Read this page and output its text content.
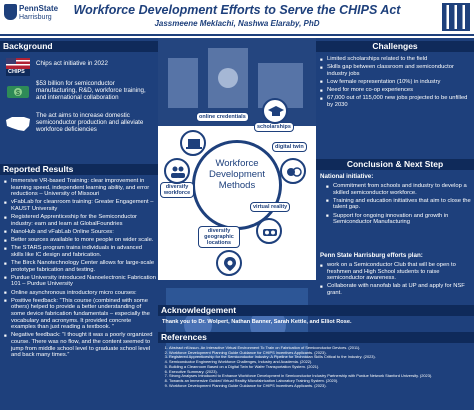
PennState
Harrisburg
Workforce Development Efforts to Serve the CHIPS Act
Jassmeene Meklachi, Nashwa Elaraby, PhD
Background
CHIPS
Chips act initiative in 2022
$
$53 billion for semiconductor manufacturing, R&D, workforce training, and international collaboration
The act aims to increase domestic semiconductor production and alleviate workforce deficiencies
Reported Results
■ Immersive VR-based Training: clear improvement in learning speed, independent learning ability, and error reductions – University of Missouri
■ vFabLab for cleanroom training: Greater Engagement – KAUST University
■ Registered Apprenticeship for the Semiconductor industry: earn and learn at GlobalFoundries
■ NanoHub and vFabLab Online Sources:
■ Better sources available to more people on wider scale.
■ The STARS program trains individuals in advanced skills like IC design and fabrication.
■ The Birck Nanotechnology Center allows for large-scale prototype fabrication and testing.
■ Purdue University introduced Nanoelectronic Fabrication 101 – Purdue University
■ Online asynchronous introductory micro courses:
■ Positive feedback: “This course (combined with some others) helped to provide a better understanding of some device fabrication fundamentals – especially the vocabulary and acronyms. It provided concrete examples than just reading a textbook. ”
■ Negative feedback: “I thought it was a poorly organized course. There was no flow, and the content seemed to jump from middle school level to graduate school level and back many times.”
Workforce Development Methods
online credentials
scholarships
digital twin
virtual reality
diversify geographic locations
diversify workforce
Challenges
■ Limited scholarships related to the field
■ Skills gap between classroom and semiconductor industry jobs
■ Low female representation (10%) in industry
■ Need for more co-op experiences
■ 67,000 out of 115,000 new jobs projected to be unfilled by 2030
Conclusion & Next Step
National initiative:
■ Commitment from schools and industry to develop a skilled semiconductor workforce.
■ Training and education initiatives that aim to close the talent gap.
■ Support for ongoing innovation and growth in Semiconductor Manufacturing
Penn State Harrisburg efforts plan:
■ work on a Semiconductor Club that will be open to freshmen and High School students to raise semiconductor awareness.
■ Collaborate with nanofab lab at UP and apply for NSF grant.
Acknowledgement
Thank you to Dr. Wolpert, Nathan Banner, Sarah Kettle, and Elliot Rose.
References
1. Abstract nfl.issun. An Interactive Virtual Environment To Train on Fabrication of Semiconductor Devices. (2011).
2. Workforce Development Planning Guide Guidance for CHIPS Incentives Applicants. (2023).
3. Registered Apprenticeship for the Semiconductor Industry: A Pipeline for Technician Skills Critical to the Industry. (2023).
4. Semiconductor Engineering Workforce Challenges, Industry and Academia. (2022).
5. Building a Cleanroom Based on a Digital Twin for Wafer Transportation System. (2021).
6. Executive Summary. (2023).
7. Strong Analyses Introduced to Enhance Workforce Development in Semiconductor Industry Partnership with Purdue Network Stanford University. (2023).
8. Towards an Immersive Guided Virtual Reality Microfabrication Laboratory Training System. (2020).
9. Workforce Development Planning Guide Guidance for CHIPS Incentives Applicants. (2023).
